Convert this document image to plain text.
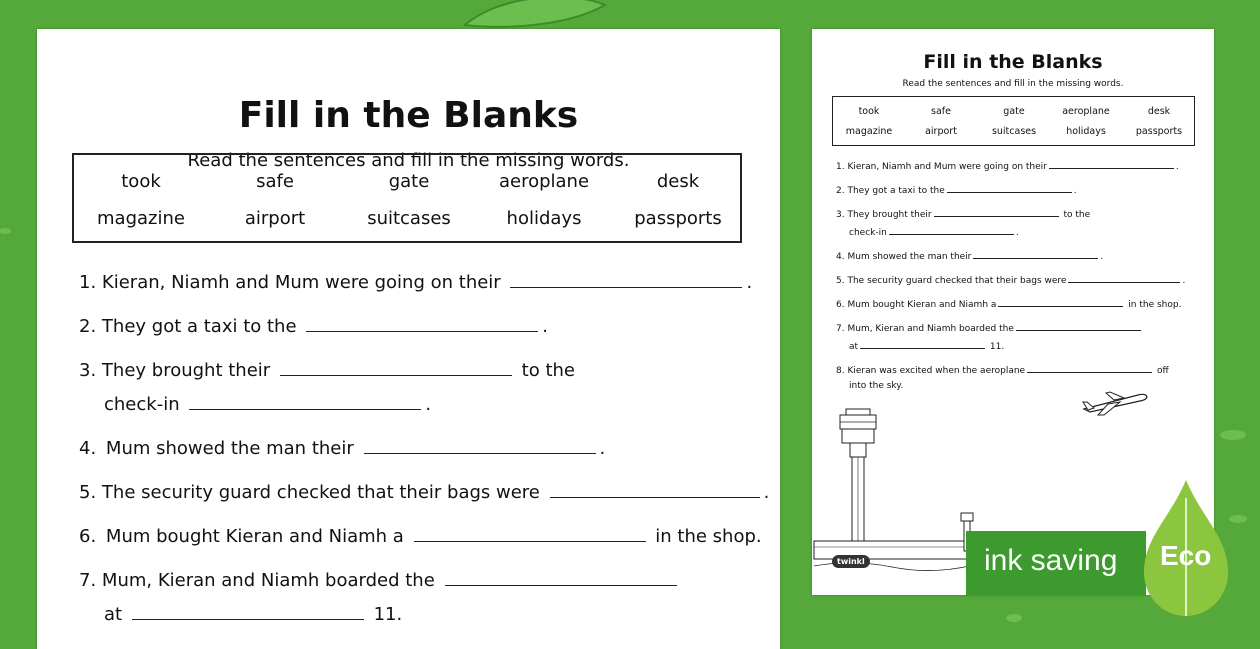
Fill in the Blanks
Read the sentences and fill in the missing words.
took	safe	gate	aeroplane	desk
magazine	airport	suitcases	holidays	passports
1. Kieran, Niamh and Mum were going on their	.
2. They got a taxi to the	.
3. They brought their	to the
check-in	.
4. Mum showed the man their	.
5. The security guard checked that their bags were	.
6. Mum bought Kieran and Niamh a	in the shop.
7. Mum, Kieran and Niamh boarded the
at	11.
Fill in the Blanks
Read the sentences and fill in the missing words.
took	safe	gate	aeroplane	desk
magazine	airport	suitcases	holidays	passports
1. Kieran, Niamh and Mum were going on their	.
2. They got a taxi to the	.
3. They brought their	to the
check-in	.
4. Mum showed the man their	.
5. The security guard checked that their bags were	.
6. Mum bought Kieran and Niamh a	in the shop.
7. Mum, Kieran and Niamh boarded the
at	11.
8. Kieran was excited when the aeroplane	off
into the sky.
twinkl	ink saving Eco
